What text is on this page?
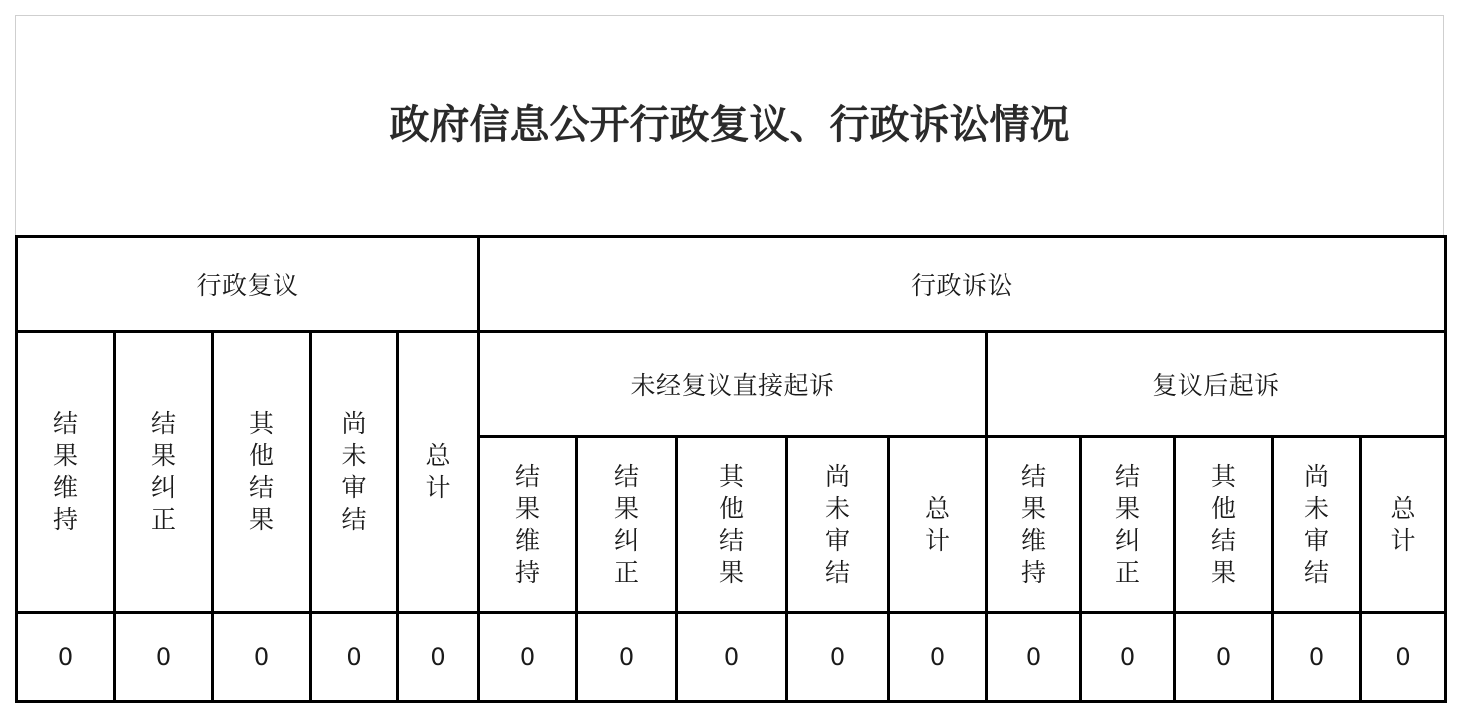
政府信息公开行政复议、行政诉讼情况
行政复议					行政诉讼									
结果维持	结果纠正	其他结果	尚未审结	总计	未经复议直接起诉					复议后起诉				
					结果维持	结果纠正	其他结果	尚未审结	总计	结果维持	结果纠正	其他结果	尚未审结	总计
0	0	0	0	0	0	0	0	0	0	0	0	0	0	0
